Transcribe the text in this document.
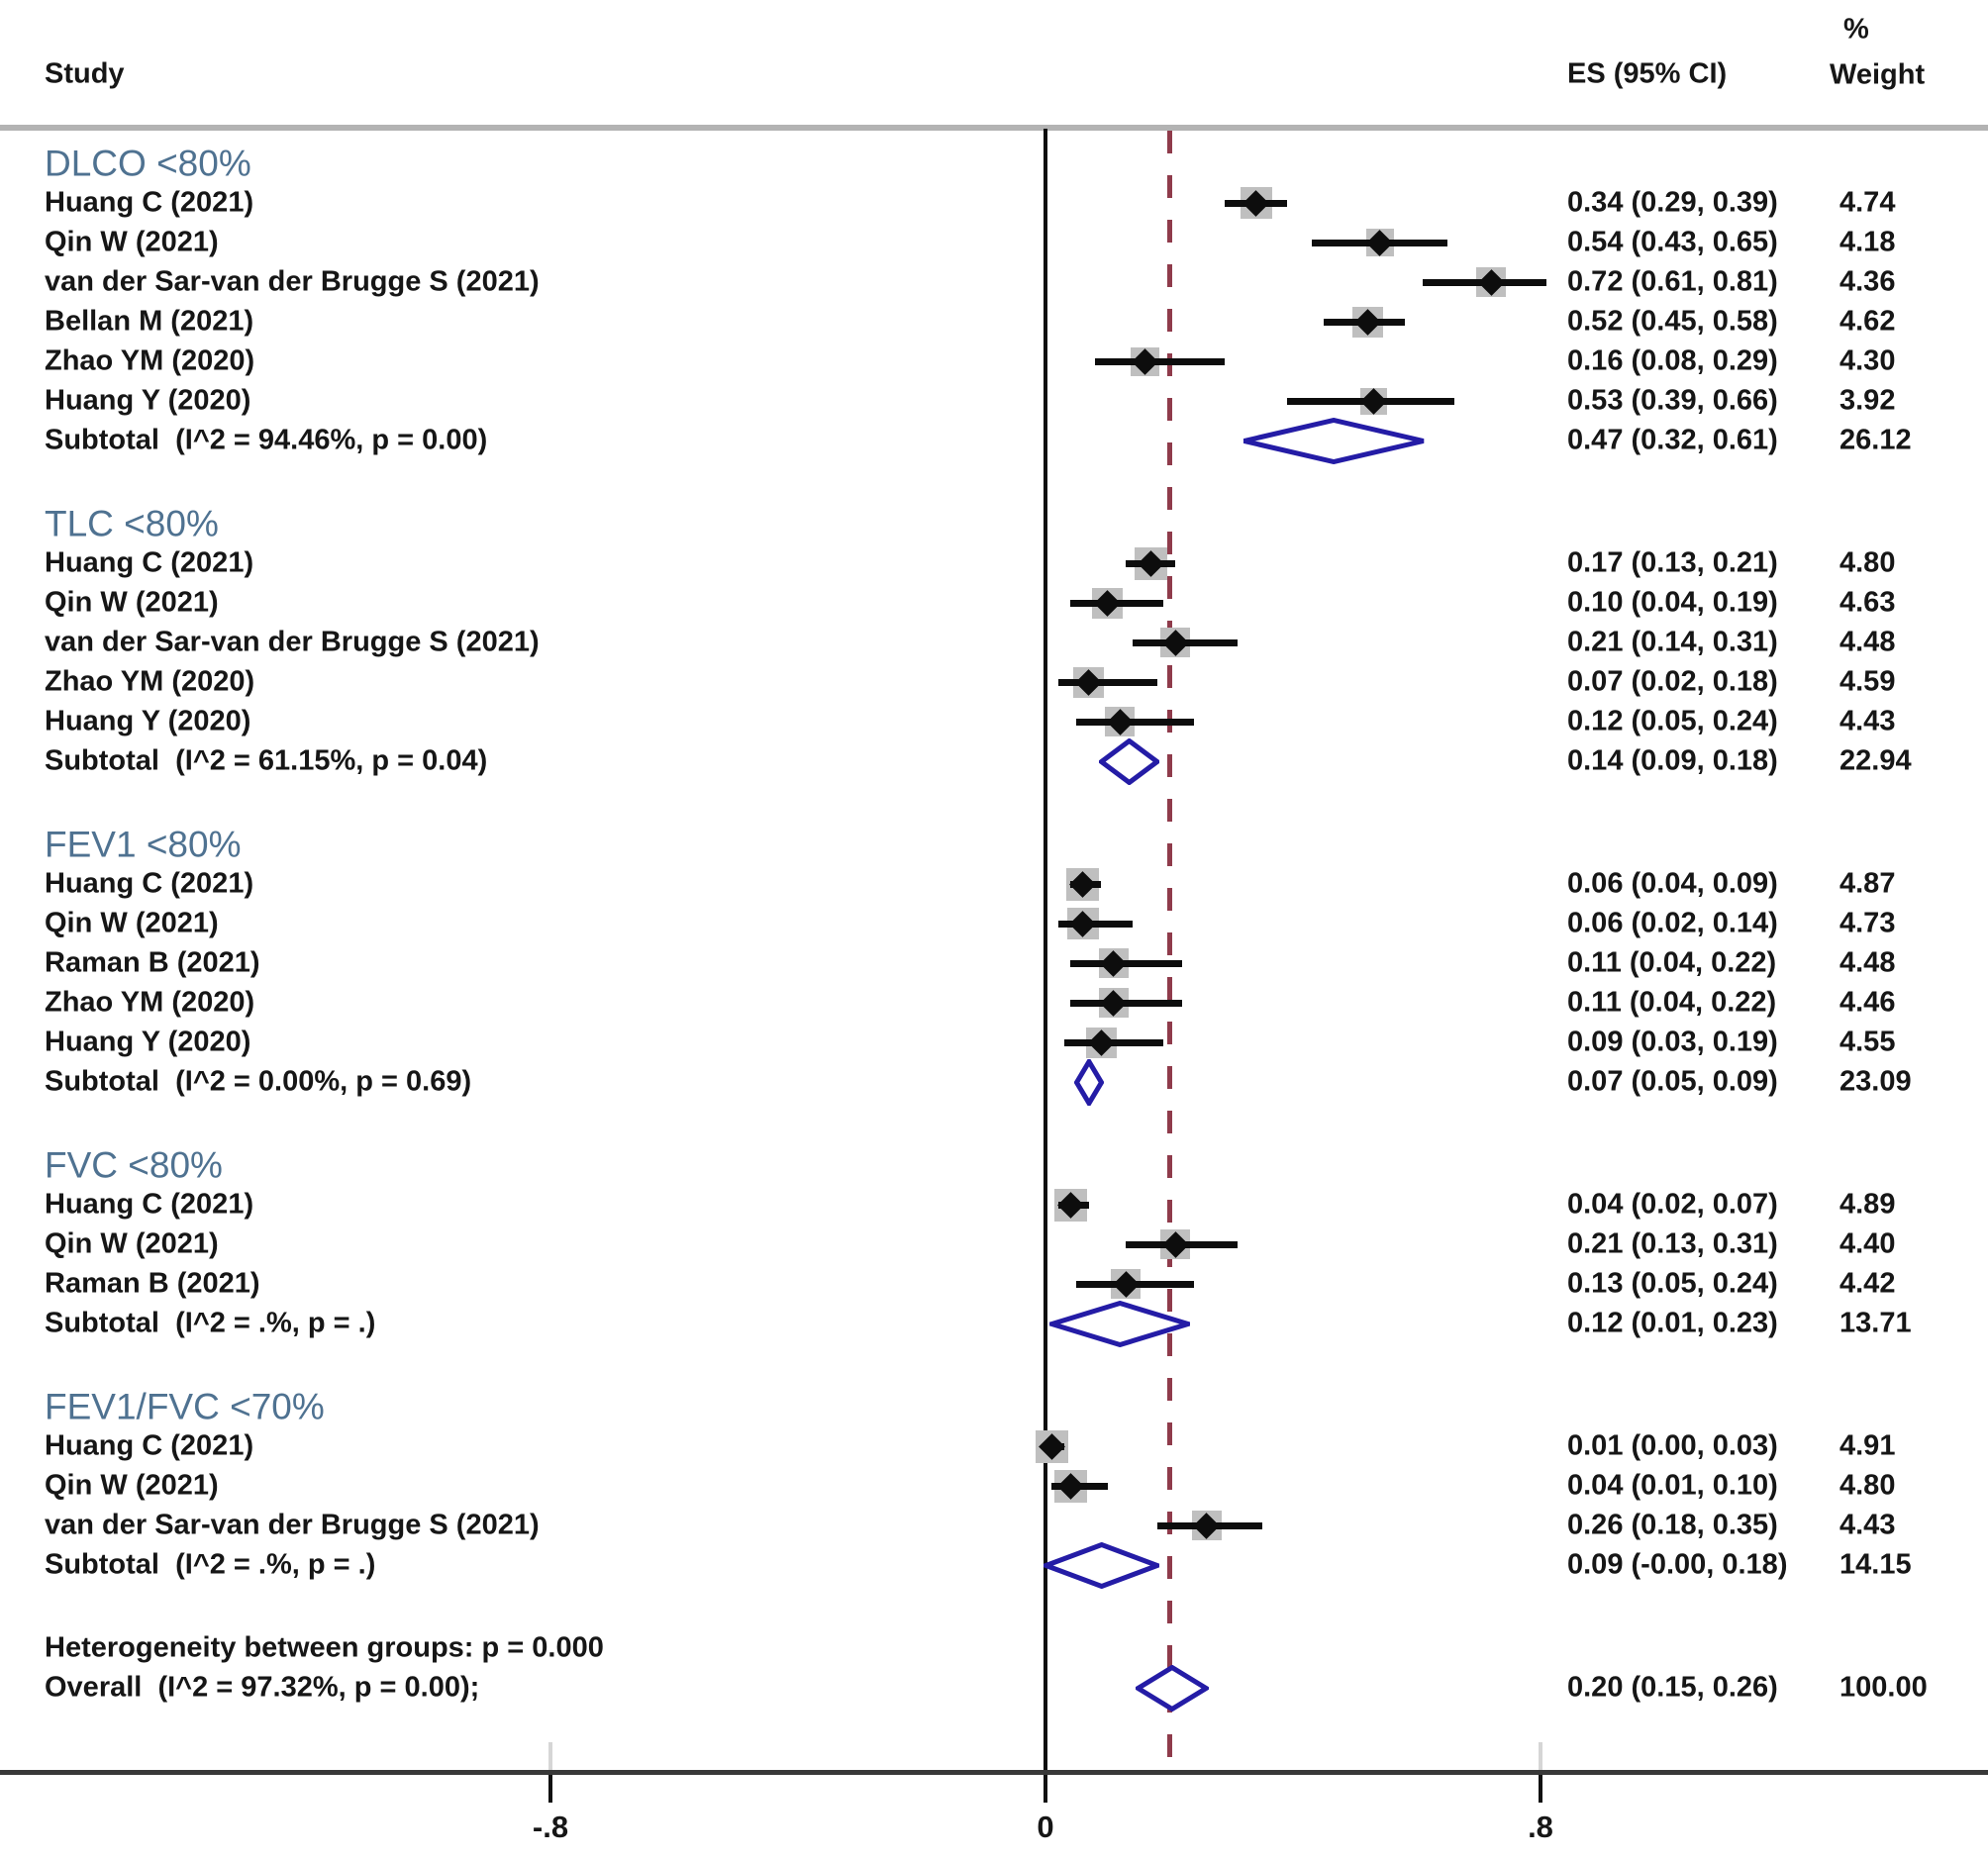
Study	ES (95% CI)
%
Weight
DLCO <80%
Huang C (2021)	0.34 (0.29, 0.39) 4.74
Qin W (2021)	0.54 (0.43, 0.65) 4.18
van der Sar-van der Brugge S (2021)	0.72 (0.61, 0.81) 4.36
Bellan M (2021)	0.52 (0.45, 0.58) 4.62
Zhao YM (2020)	0.16 (0.08, 0.29) 4.30
Huang Y (2020)	0.53 (0.39, 0.66) 3.92
Subtotal  (I^2 = 94.46%, p = 0.00)	0.47 (0.32, 0.61) 26.12
TLC <80%
Huang C (2021)	0.17 (0.13, 0.21) 4.80
Qin W (2021)	0.10 (0.04, 0.19) 4.63
van der Sar-van der Brugge S (2021)	0.21 (0.14, 0.31) 4.48
Zhao YM (2020)	0.07 (0.02, 0.18) 4.59
Huang Y (2020)	0.12 (0.05, 0.24) 4.43
Subtotal  (I^2 = 61.15%, p = 0.04)	0.14 (0.09, 0.18) 22.94
FEV1 <80%
Huang C (2021)	0.06 (0.04, 0.09) 4.87
Qin W (2021)	0.06 (0.02, 0.14) 4.73
Raman B (2021)	0.11 (0.04, 0.22) 4.48
Zhao YM (2020)	0.11 (0.04, 0.22) 4.46
Huang Y (2020)	0.09 (0.03, 0.19) 4.55
Subtotal  (I^2 = 0.00%, p = 0.69)	0.07 (0.05, 0.09) 23.09
FVC <80%
Huang C (2021)	0.04 (0.02, 0.07) 4.89
Qin W (2021)	0.21 (0.13, 0.31) 4.40
Raman B (2021)	0.13 (0.05, 0.24) 4.42
Subtotal  (I^2 = .%, p = .)	0.12 (0.01, 0.23) 13.71
FEV1/FVC <70%
Huang C (2021)	0.01 (0.00, 0.03) 4.91
Qin W (2021)	0.04 (0.01, 0.10) 4.80
van der Sar-van der Brugge S (2021)	0.26 (0.18, 0.35) 4.43
Subtotal  (I^2 = .%, p = .)	0.09 (-0.00, 0.18) 14.15
Heterogeneity between groups: p = 0.000
Overall  (I^2 = 97.32%, p = 0.00);	0.20 (0.15, 0.26) 100.00
-.8	0	.8
